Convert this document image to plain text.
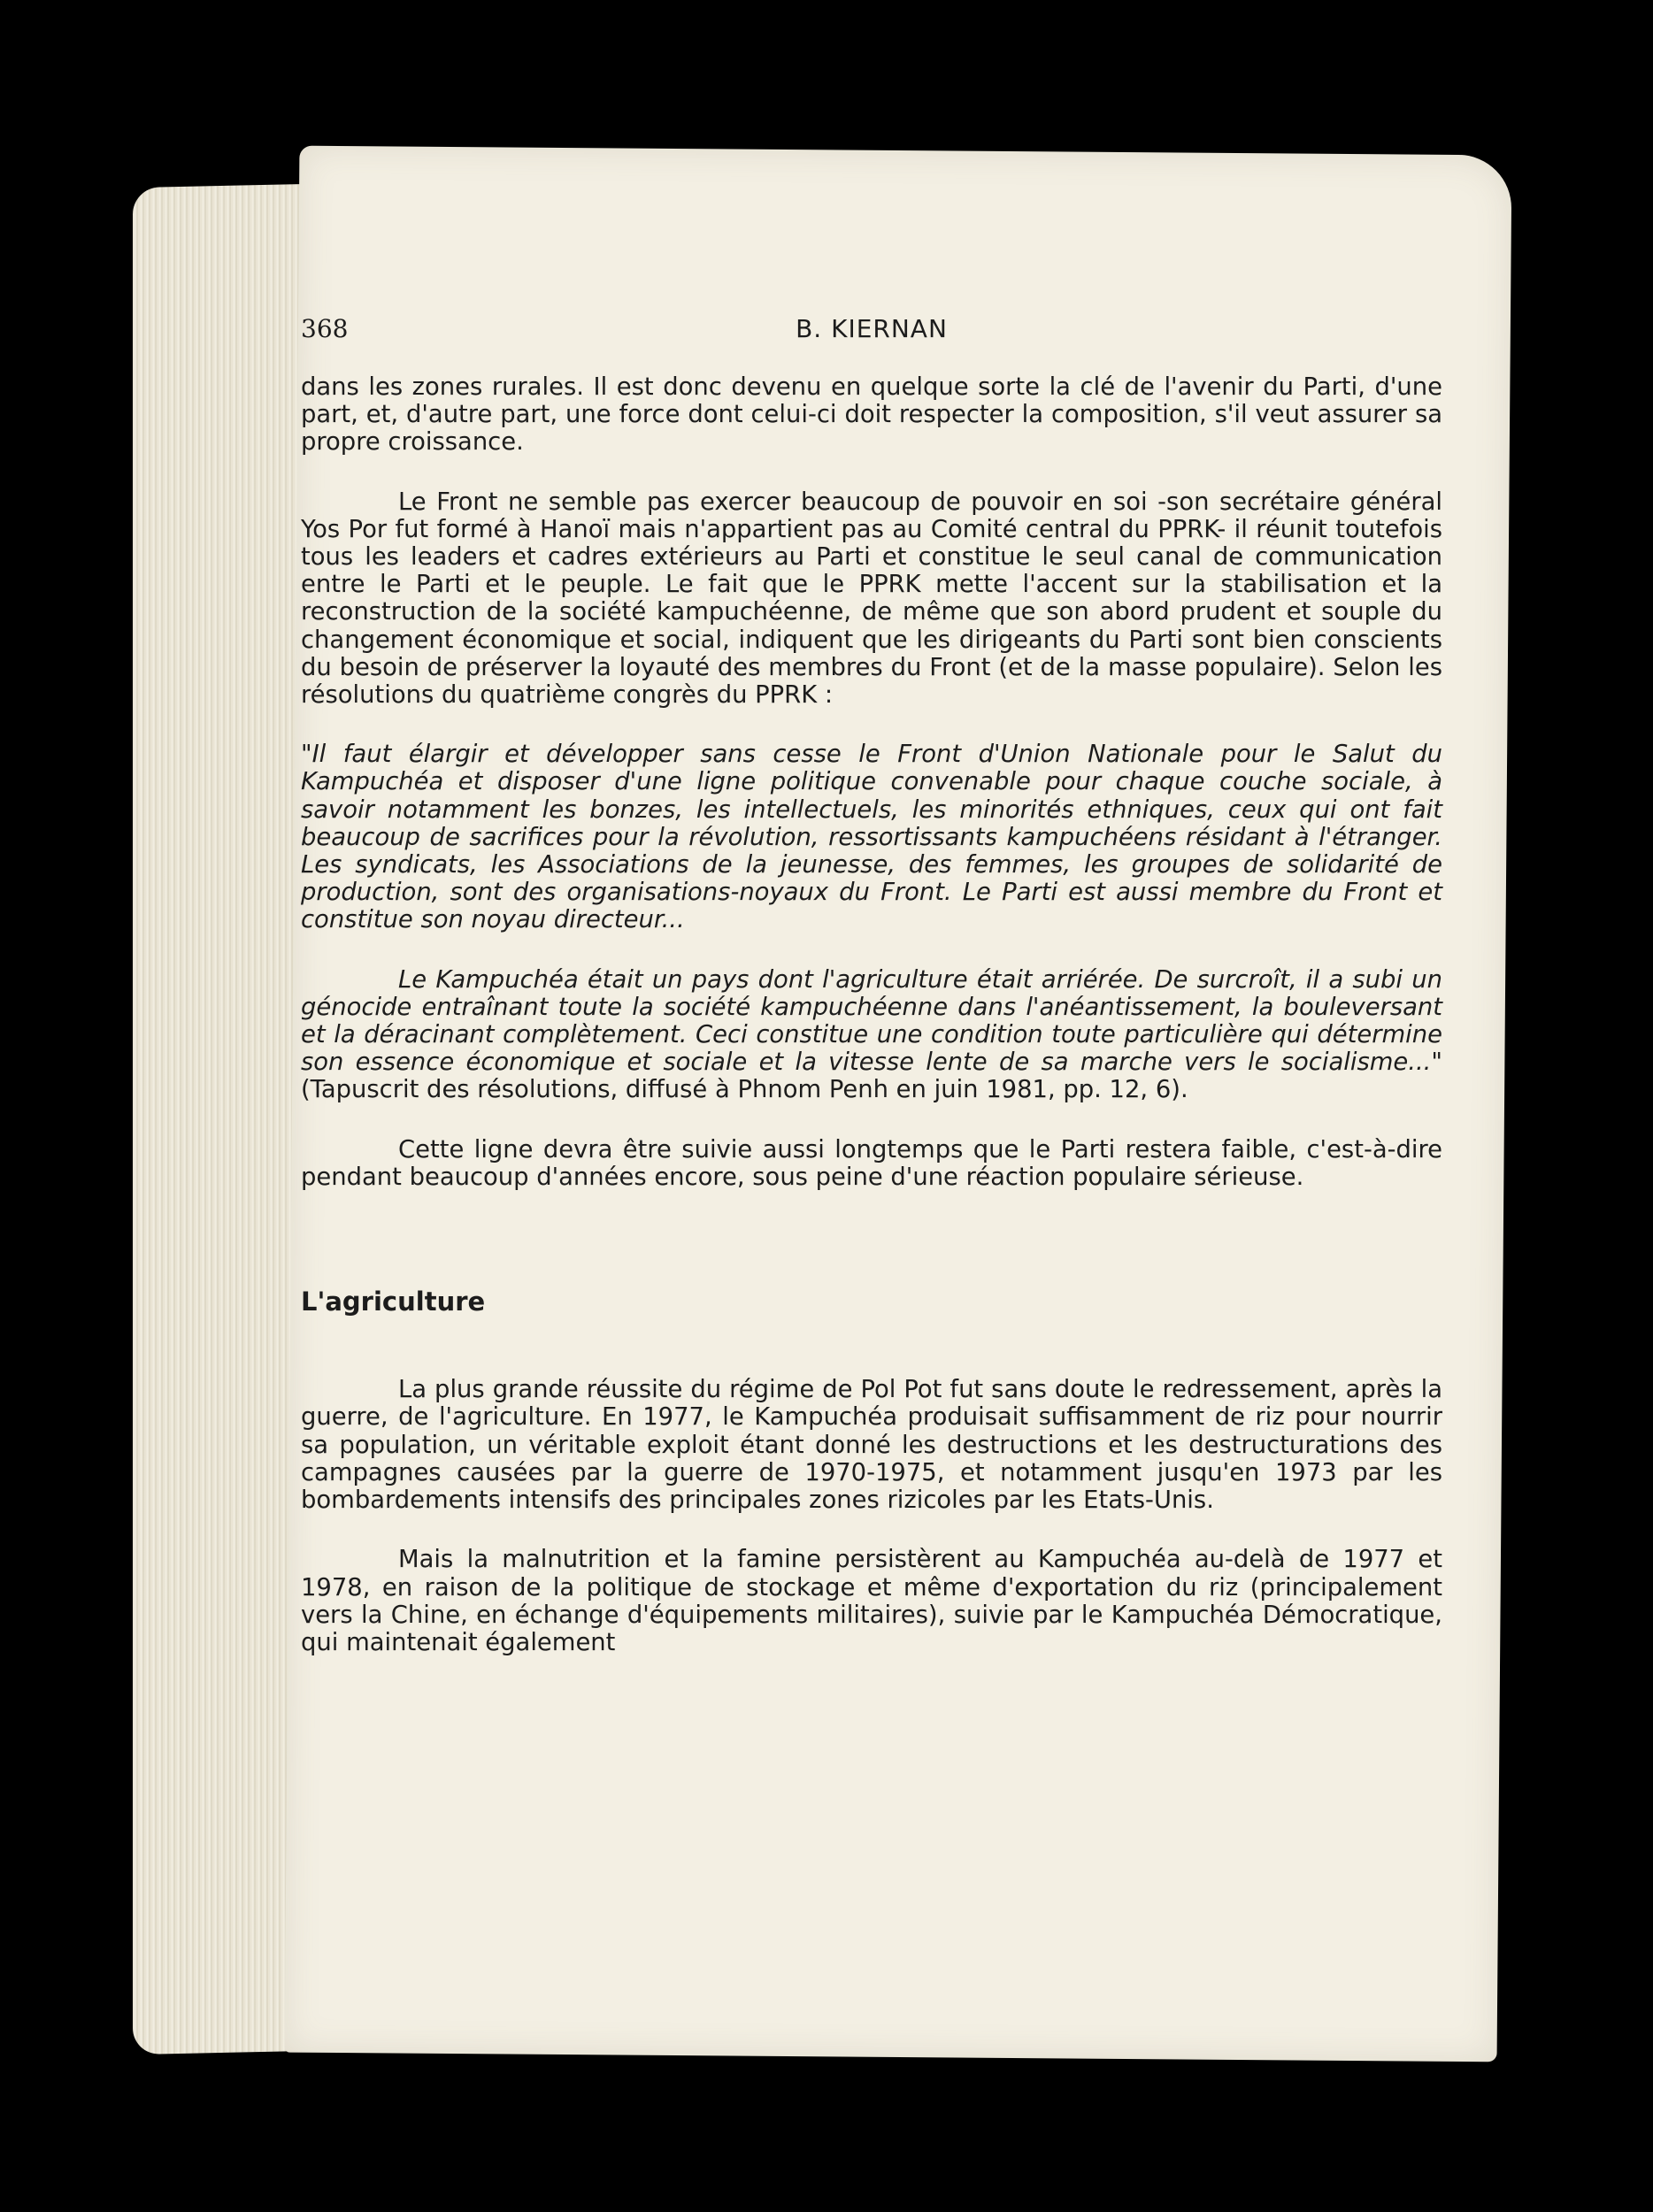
368	B. KIERNAN

dans les zones rurales. Il est donc devenu en quelque sorte la clé de l'avenir du Parti, d'une part, et, d'autre part, une force dont celui-ci doit respecter la composition, s'il veut assurer sa propre croissance.

Le Front ne semble pas exercer beaucoup de pouvoir en soi -son secrétaire général Yos Por fut formé à Hanoï mais n'appartient pas au Comité central du PPRK- il réunit toutefois tous les leaders et cadres extérieurs au Parti et constitue le seul canal de communication entre le Parti et le peuple. Le fait que le PPRK mette l'accent sur la stabilisation et la reconstruction de la société kampuchéenne, de même que son abord prudent et souple du changement économique et social, indiquent que les dirigeants du Parti sont bien conscients du besoin de préserver la loyauté des membres du Front (et de la masse populaire). Selon les résolutions du quatrième congrès du PPRK :

"Il faut élargir et développer sans cesse le Front d'Union Nationale pour le Salut du Kampuchéa et disposer d'une ligne politique convenable pour chaque couche sociale, à savoir notamment les bonzes, les intellectuels, les minorités ethniques, ceux qui ont fait beaucoup de sacrifices pour la révolution, ressortissants kampuchéens résidant à l'étranger. Les syndicats, les Associations de la jeunesse, des femmes, les groupes de solidarité de production, sont des organisations-noyaux du Front. Le Parti est aussi membre du Front et constitue son noyau directeur...

Le Kampuchéa était un pays dont l'agriculture était arriérée. De surcroît, il a subi un génocide entraînant toute la société kampuchéenne dans l'anéantissement, la bouleversant et la déracinant complètement. Ceci constitue une condition toute particulière qui détermine son essence économique et sociale et la vitesse lente de sa marche vers le socialisme..." (Tapuscrit des résolutions, diffusé à Phnom Penh en juin 1981, pp. 12, 6).

Cette ligne devra être suivie aussi longtemps que le Parti restera faible, c'est-à-dire pendant beaucoup d'années encore, sous peine d'une réaction populaire sérieuse.

L'agriculture

La plus grande réussite du régime de Pol Pot fut sans doute le redressement, après la guerre, de l'agriculture. En 1977, le Kampuchéa produisait suffisamment de riz pour nourrir sa population, un véritable exploit étant donné les destructions et les destructurations des campagnes causées par la guerre de 1970-1975, et notamment jusqu'en 1973 par les bombardements intensifs des principales zones rizicoles par les Etats-Unis.

Mais la malnutrition et la famine persistèrent au Kampuchéa au-delà de 1977 et 1978, en raison de la politique de stockage et même d'exportation du riz (principalement vers la Chine, en échange d'équipements militaires), suivie par le Kampuchéa Démocratique, qui maintenait également
